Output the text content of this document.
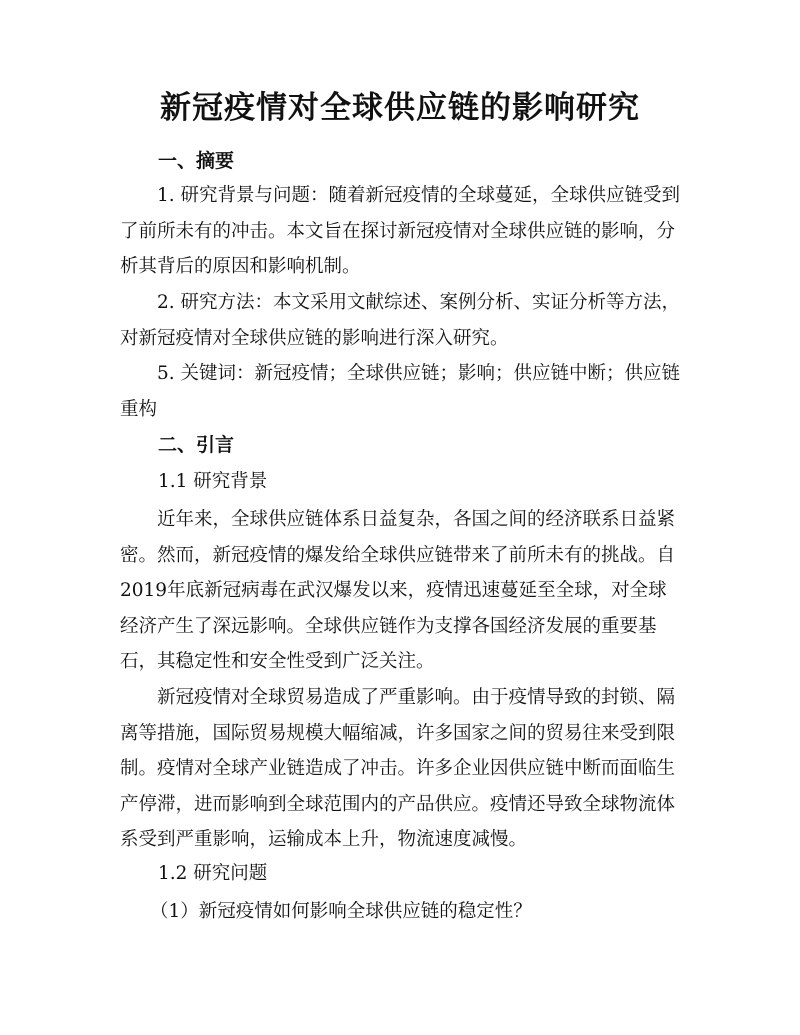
新冠疫情对全球供应链的影响研究
一、摘要

1. 研究背景与问题：随着新冠疫情的全球蔓延，全球供应链受到了前所未有的冲击。本文旨在探讨新冠疫情对全球供应链的影响，分析其背后的原因和影响机制。

2. 研究方法：本文采用文献综述、案例分析、实证分析等方法，对新冠疫情对全球供应链的影响进行深入研究。

5. 关键词：新冠疫情；全球供应链；影响；供应链中断；供应链重构

二、引言
1.1 研究背景

近年来，全球供应链体系日益复杂，各国之间的经济联系日益紧密。然而，新冠疫情的爆发给全球供应链带来了前所未有的挑战。自2019年底新冠病毒在武汉爆发以来，疫情迅速蔓延至全球，对全球经济产生了深远影响。全球供应链作为支撑各国经济发展的重要基石，其稳定性和安全性受到广泛关注。

新冠疫情对全球贸易造成了严重影响。由于疫情导致的封锁、隔离等措施，国际贸易规模大幅缩减，许多国家之间的贸易往来受到限制。疫情对全球产业链造成了冲击。许多企业因供应链中断而面临生产停滞，进而影响到全球范围内的产品供应。疫情还导致全球物流体系受到严重影响，运输成本上升，物流速度减慢。

1.2 研究问题
（1）新冠疫情如何影响全球供应链的稳定性？
